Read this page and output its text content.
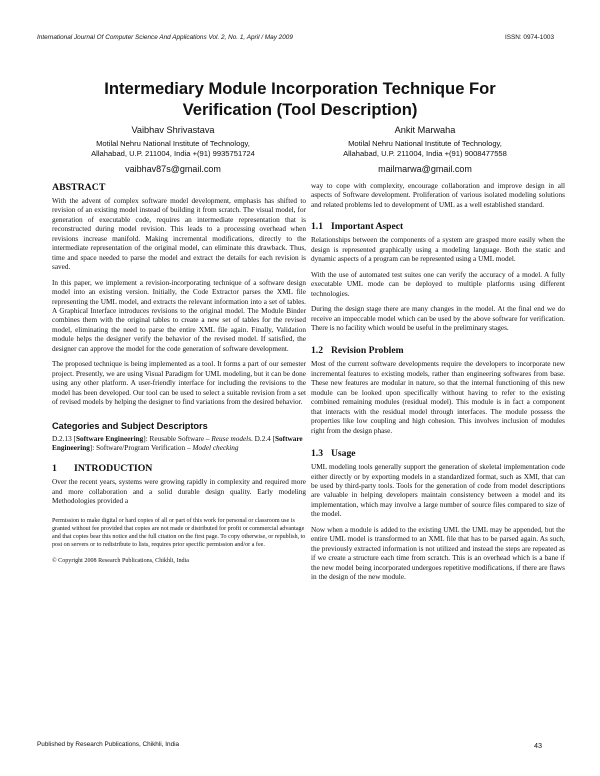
International Journal Of Computer Science And Applications Vol. 2, No. 1, April / May 2009	ISSN: 0974-1003
Intermediary Module Incorporation Technique For
Verification (Tool Description)
Vaibhav Shrivastava
Motilal Nehru National Institute of Technology,
Allahabad, U.P. 211004, India +(91) 9935751724
vaibhav87s@gmail.com
Ankit Marwaha
Motilal Nehru National Institute of Technology,
Allahabad, U.P. 211004, India +(91) 9008477558
mailmarwa@gmail.com
ABSTRACT

With the advent of complex software model development, emphasis has shifted to revision of an existing model instead of building it from scratch. The visual model, for generation of executable code, requires an intermediate representation that is reconstructed during model revision. This leads to a processing overhead when revisions increase manifold. Making incremental modifications, directly to the intermediate representation of the original model, can eliminate this drawback. Thus, time and space needed to parse the model and extract the details for each revision is saved.

In this paper, we implement a revision-incorporating technique of a software design model into an existing version. Initially, the Code Extractor parses the XML file representing the UML model, and extracts the relevant information into a set of tables. A Graphical Interface introduces revisions to the original model. The Module Binder combines them with the original tables to create a new set of tables for the revised model, eliminating the need to parse the entire XML file again. Finally, Validation module helps the designer verify the behavior of the revised model. If satisfied, the designer can approve the model for the code generation of software development.

The proposed technique is being implemented as a tool. It forms a part of our semester project. Presently, we are using Visual Paradigm for UML modeling, but it can be done using any other platform. A user-friendly interface for including the revisions to the model has been developed. Our tool can be used to select a suitable revision from a set of revised models by helping the designer to find variations from the desired behavior.

Categories and Subject Descriptors

D.2.13 [Software Engineering]: Reusable Software – Reuse models. D.2.4 [Software Engineering]: Software/Program Verification – Model checking

1 INTRODUCTION

Over the recent years, systems were growing rapidly in complexity and required more and more collaboration and a solid durable design quality. Early modeling Methodologies provided a

Permission to make digital or hard copies of all or part of this work for personal or classroom use is granted without fee provided that copies are not made or distributed for profit or commercial advantage and that copies bear this notice and the full citation on the first page. To copy otherwise, or republish, to post on servers or to redistribute to lists, requires prior specific permission and/or a fee.

© Copyright 2008 Research Publications, Chikhli, India

way to cope with complexity, encourage collaboration and improve design in all aspects of Software development. Proliferation of various isolated modeling solutions and related problems led to development of UML as a well established standard.

1.1 Important Aspect

Relationships between the components of a system are grasped more easily when the design is represented graphically using a modeling language. Both the static and dynamic aspects of a program can be represented using a UML model.

With the use of automated test suites one can verify the accuracy of a model. A fully executable UML mode can be deployed to multiple platforms using different technologies.

During the design stage there are many changes in the model. At the final end we do receive an impeccable model which can be used by the above software for verification. There is no facility which would be useful in the preliminary stages.

1.2 Revision Problem

Most of the current software developments require the developers to incorporate new incremental features to existing models, rather than engineering softwares from base. These new features are modular in nature, so that the internal functioning of this new module can be looked upon specifically without having to refer to the existing combined remaining modules (residual model). This module is in fact a component that interacts with the residual model through interfaces. The module possess the properties like low coupling and high cohesion. This involves inclusion of modules right from the design phase.

1.3 Usage

UML modeling tools generally support the generation of skeletal implementation code either directly or by exporting models in a standardized format, such as XMI, that can be used by third-party tools. Tools for the generation of code from model descriptions are valuable in helping developers maintain consistency between a model and its implementation, which may involve a large number of source files compared to size of the model.

Now when a module is added to the existing UML the UML may be appended, but the entire UML model is transformed to an XML file that has to be parsed again. As such, the previously extracted information is not utilized and instead the steps are repeated as if we create a structure each time from scratch. This is an overhead which is a bane if the new model being incorporated undergoes repetitive modifications, if there are flaws in the design of the new module.

Published by Research Publications, Chikhli, India	43
